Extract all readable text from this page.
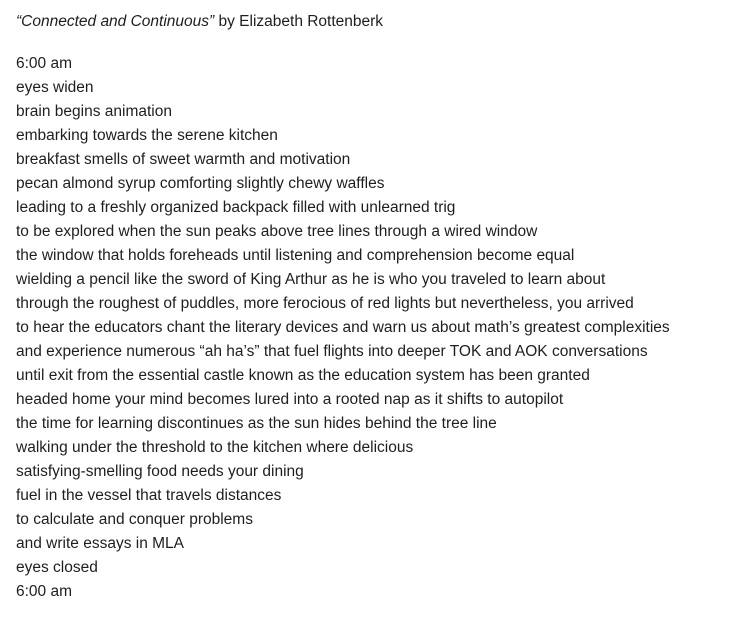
“Connected and Continuous” by Elizabeth Rottenberk

6:00 am
eyes widen
brain begins animation
embarking towards the serene kitchen
breakfast smells of sweet warmth and motivation
pecan almond syrup comforting slightly chewy waffles
leading to a freshly organized backpack filled with unlearned trig
to be explored when the sun peaks above tree lines through a wired window
the window that holds foreheads until listening and comprehension become equal
wielding a pencil like the sword of King Arthur as he is who you traveled to learn about
through the roughest of puddles, more ferocious of red lights but nevertheless, you arrived
to hear the educators chant the literary devices and warn us about math’s greatest complexities
and experience numerous “ah ha’s” that fuel flights into deeper TOK and AOK conversations
until exit from the essential castle known as the education system has been granted
headed home your mind becomes lured into a rooted nap as it shifts to autopilot
the time for learning discontinues as the sun hides behind the tree line
walking under the threshold to the kitchen where delicious
satisfying-smelling food needs your dining
fuel in the vessel that travels distances
to calculate and conquer problems
and write essays in MLA
eyes closed
6:00 am
